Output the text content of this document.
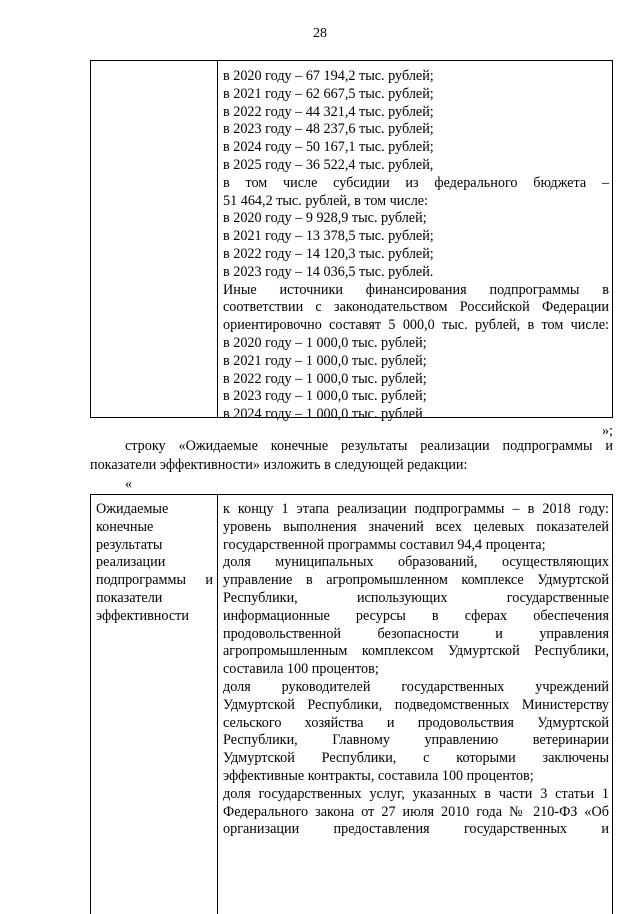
28
в 2020 году – 67 194,2 тыс. рублей;
в 2021 году – 62 667,5 тыс. рублей;
в 2022 году – 44 321,4 тыс. рублей;
в 2023 году – 48 237,6 тыс. рублей;
в 2024 году – 50 167,1 тыс. рублей;
в 2025 году – 36 522,4 тыс. рублей,
в том числе субсидии из федерального бюджета –
51 464,2 тыс. рублей, в том числе:
в 2020 году – 9 928,9 тыс. рублей;
в 2021 году – 13 378,5 тыс. рублей;
в 2022 году – 14 120,3 тыс. рублей;
в 2023 году – 14 036,5 тыс. рублей.
Иные источники финансирования подпрограммы в
соответствии с законодательством Российской Федерации
ориентировочно составят 5 000,0 тыс. рублей, в том числе:
в 2020 году – 1 000,0 тыс. рублей;
в 2021 году – 1 000,0 тыс. рублей;
в 2022 году – 1 000,0 тыс. рублей;
в 2023 году – 1 000,0 тыс. рублей;
в 2024 году – 1 000,0 тыс. рублей
»;
строку «Ожидаемые конечные результаты реализации подпрограммы и
показатели эффективности» изложить в следующей редакции:
«
Ожидаемые
конечные
результаты
реализации
подпрограммы и
показатели
эффективности
к концу 1 этапа реализации подпрограммы – в 2018 году:
уровень выполнения значений всех целевых показателей
государственной программы составил 94,4 процента;
доля муниципальных образований, осуществляющих
управление в агропромышленном комплексе Удмуртской
Республики, использующих государственные
информационные ресурсы в сферах обеспечения
продовольственной безопасности и управления
агропромышленным комплексом Удмуртской Республики,
составила 100 процентов;
доля руководителей государственных учреждений
Удмуртской Республики, подведомственных Министерству
сельского хозяйства и продовольствия Удмуртской
Республики, Главному управлению ветеринарии
Удмуртской Республики, с которыми заключены
эффективные контракты, составила 100 процентов;
доля государственных услуг, указанных в части 3 статьи 1
Федерального закона от 27 июля 2010 года № 210-ФЗ «Об
организации предоставления государственных и
